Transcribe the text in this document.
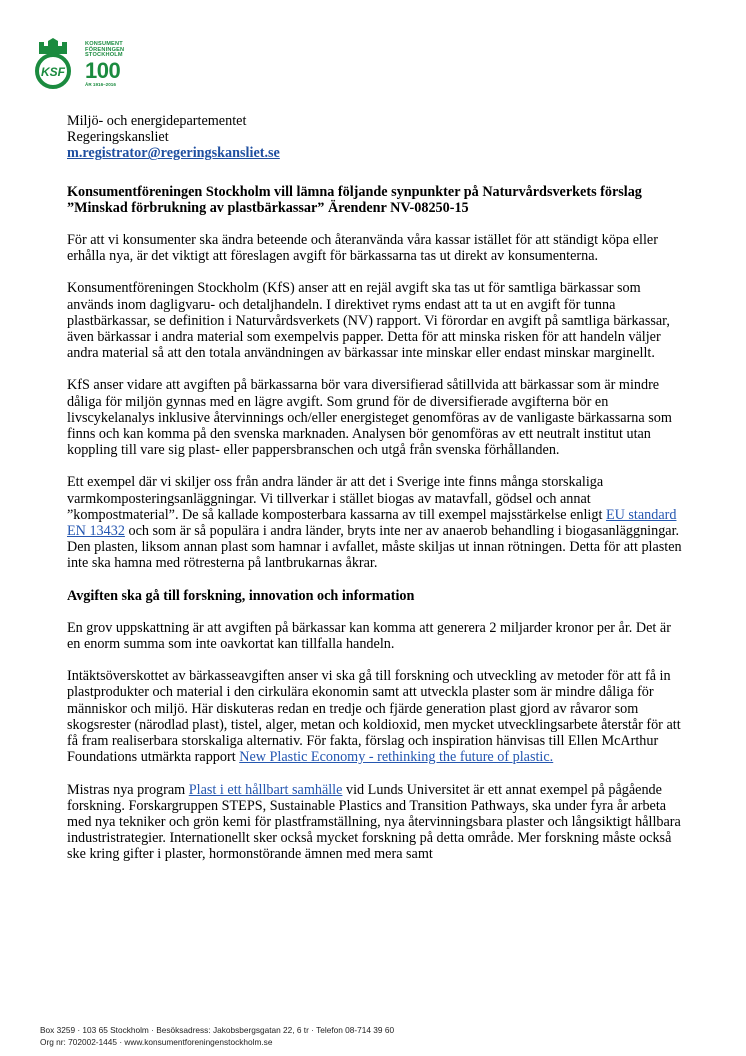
KSF
KONSUMENT
FÖRENINGEN
STOCKHOLM
100
ÅR 1916–2016
Miljö- och energidepartementet
Regeringskansliet
m.registrator@regeringskansliet.se

Konsumentföreningen Stockholm vill lämna följande synpunkter på Naturvårdsverkets förslag ”Minskad förbrukning av plastbärkassar” Ärendenr NV-08250-15

För att vi konsumenter ska ändra beteende och återanvända våra kassar istället för att ständigt köpa eller erhålla nya, är det viktigt att föreslagen avgift för bärkassarna tas ut direkt av konsumenterna.

Konsumentföreningen Stockholm (KfS) anser att en rejäl avgift ska tas ut för samtliga bärkassar som används inom dagligvaru- och detaljhandeln. I direktivet ryms endast att ta ut en avgift för tunna plastbärkassar, se definition i Naturvårdsverkets (NV) rapport. Vi förordar en avgift på samtliga bärkassar, även bärkassar i andra material som exempelvis papper. Detta för att minska risken för att handeln väljer andra material så att den totala användningen av bärkassar inte minskar eller endast minskar marginellt.

KfS anser vidare att avgiften på bärkassarna bör vara diversifierad såtillvida att bärkassar som är mindre dåliga för miljön gynnas med en lägre avgift. Som grund för de diversifierade avgifterna bör en livscykelanalys inklusive återvinnings och/eller energisteget genomföras av de vanligaste bärkassarna som finns och kan komma på den svenska marknaden. Analysen bör genomföras av ett neutralt institut utan koppling till vare sig plast- eller pappersbranschen och utgå från svenska förhållanden.

Ett exempel där vi skiljer oss från andra länder är att det i Sverige inte finns många storskaliga varmkomposteringsanläggningar. Vi tillverkar i stället biogas av matavfall, gödsel och annat ”kompostmaterial”. De så kallade komposterbara kassarna av till exempel majsstärkelse enligt EU standard EN 13432 och som är så populära i andra länder, bryts inte ner av anaerob behandling i biogasanläggningar. Den plasten, liksom annan plast som hamnar i avfallet, måste skiljas ut innan rötningen. Detta för att plasten inte ska hamna med rötresterna på lantbrukarnas åkrar.

Avgiften ska gå till forskning, innovation och information

En grov uppskattning är att avgiften på bärkassar kan komma att generera 2 miljarder kronor per år. Det är en enorm summa som inte oavkortat kan tillfalla handeln.

Intäktsöverskottet av bärkasseavgiften anser vi ska gå till forskning och utveckling av metoder för att få in plastprodukter och material i den cirkulära ekonomin samt att utveckla plaster som är mindre dåliga för människor och miljö. Här diskuteras redan en tredje och fjärde generation plast gjord av råvaror som skogsrester (närodlad plast), tistel, alger, metan och koldioxid, men mycket utvecklingsarbete återstår för att få fram realiserbara storskaliga alternativ. För fakta, förslag och inspiration hänvisas till Ellen McArthur Foundations utmärkta rapport New Plastic Economy - rethinking the future of plastic.

Mistras nya program Plast i ett hållbart samhälle vid Lunds Universitet är ett annat exempel på pågående forskning. Forskargruppen STEPS, Sustainable Plastics and Transition Pathways, ska under fyra år arbeta med nya tekniker och grön kemi för plastframställning, nya återvinningsbara plaster och långsiktigt hållbara industristrategier. Internationellt sker också mycket forskning på detta område. Mer forskning måste också ske kring gifter i plaster, hormonstörande ämnen med mera samt

Box 3259 · 103 65 Stockholm · Besöksadress: Jakobsbergsgatan 22, 6 tr · Telefon 08-714 39 60
Org nr: 702002-1445 · www.konsumentforeningenstockholm.se
